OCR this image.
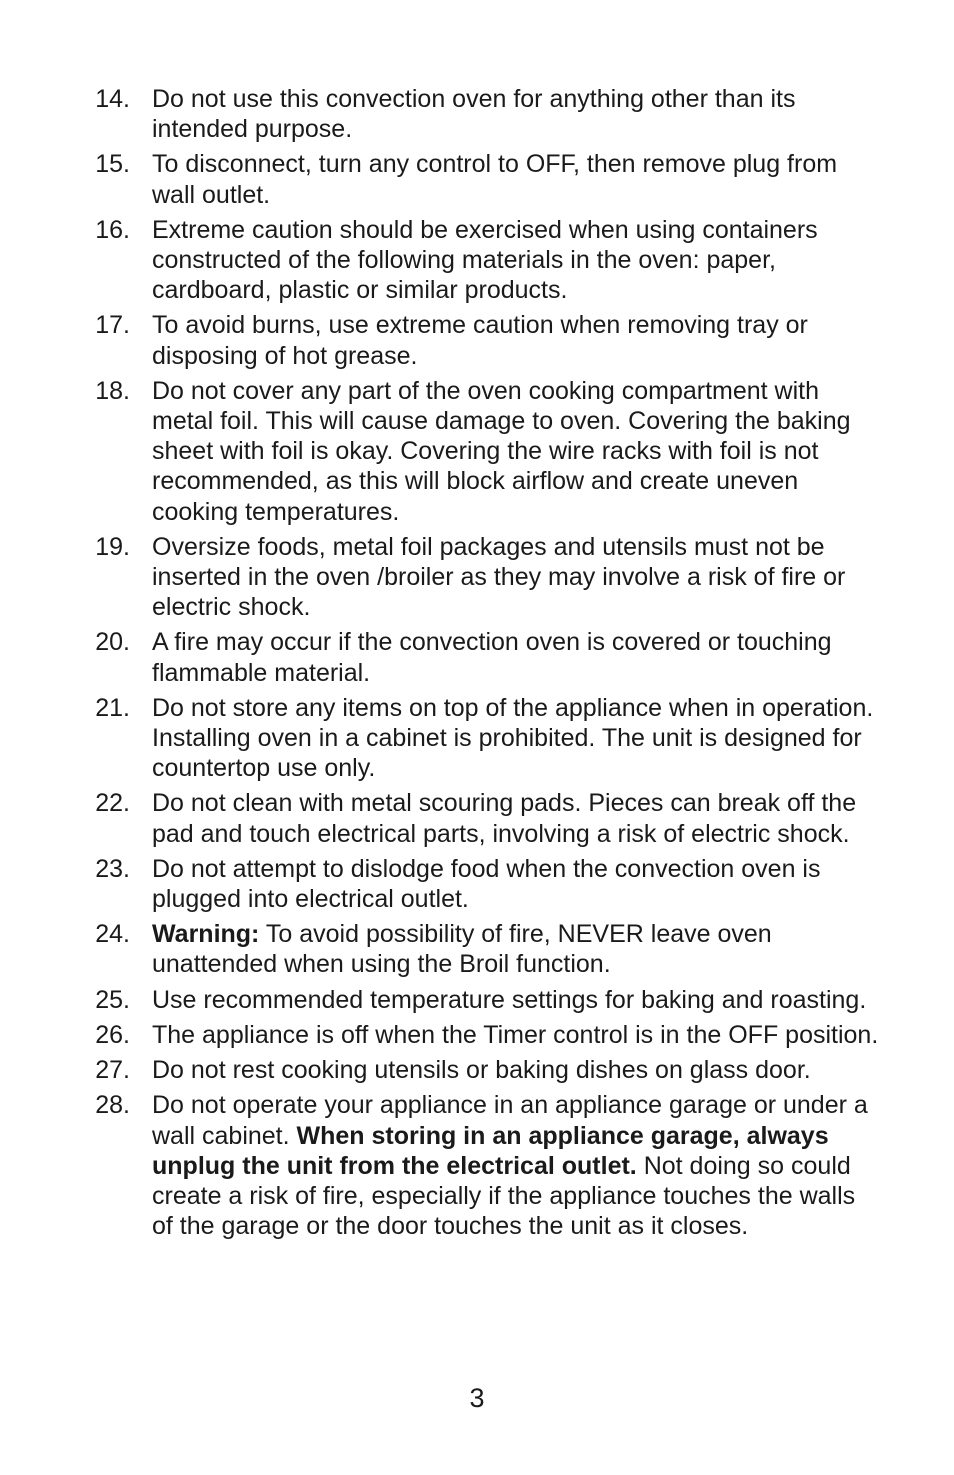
14. Do not use this convection oven for anything other than its intended purpose.
15. To disconnect, turn any control to OFF, then remove plug from wall outlet.
16. Extreme caution should be exercised when using containers constructed of the following materials in the oven: paper, cardboard, plastic or similar products.
17. To avoid burns, use extreme caution when removing tray or disposing of hot grease.
18. Do not cover any part of the oven cooking compartment with metal foil. This will cause damage to oven. Covering the baking sheet with foil is okay. Covering the wire racks with foil is not recommended, as this will block airflow and create uneven cooking temperatures.
19. Oversize foods, metal foil packages and utensils must not be inserted in the oven /broiler as they may involve a risk of fire or electric shock.
20. A fire may occur if the convection oven is covered or touching flammable material.
21. Do not store any items on top of the appliance when in operation. Installing oven in a cabinet is prohibited. The unit is designed for countertop use only.
22. Do not clean with metal scouring pads. Pieces can break off the pad and touch electrical parts, involving a risk of electric shock.
23. Do not attempt to dislodge food when the convection oven is plugged into electrical outlet.
24. Warning: To avoid possibility of fire, NEVER leave oven unattended when using the Broil function.
25. Use recommended temperature settings for baking and roasting.
26. The appliance is off when the Timer control is in the OFF position.
27. Do not rest cooking utensils or baking dishes on glass door.
28. Do not operate your appliance in an appliance garage or under a wall cabinet. When storing in an appliance garage, always unplug the unit from the electrical outlet. Not doing so could create a risk of fire, especially if the appliance touches the walls of the garage or the door touches the unit as it closes.
3
